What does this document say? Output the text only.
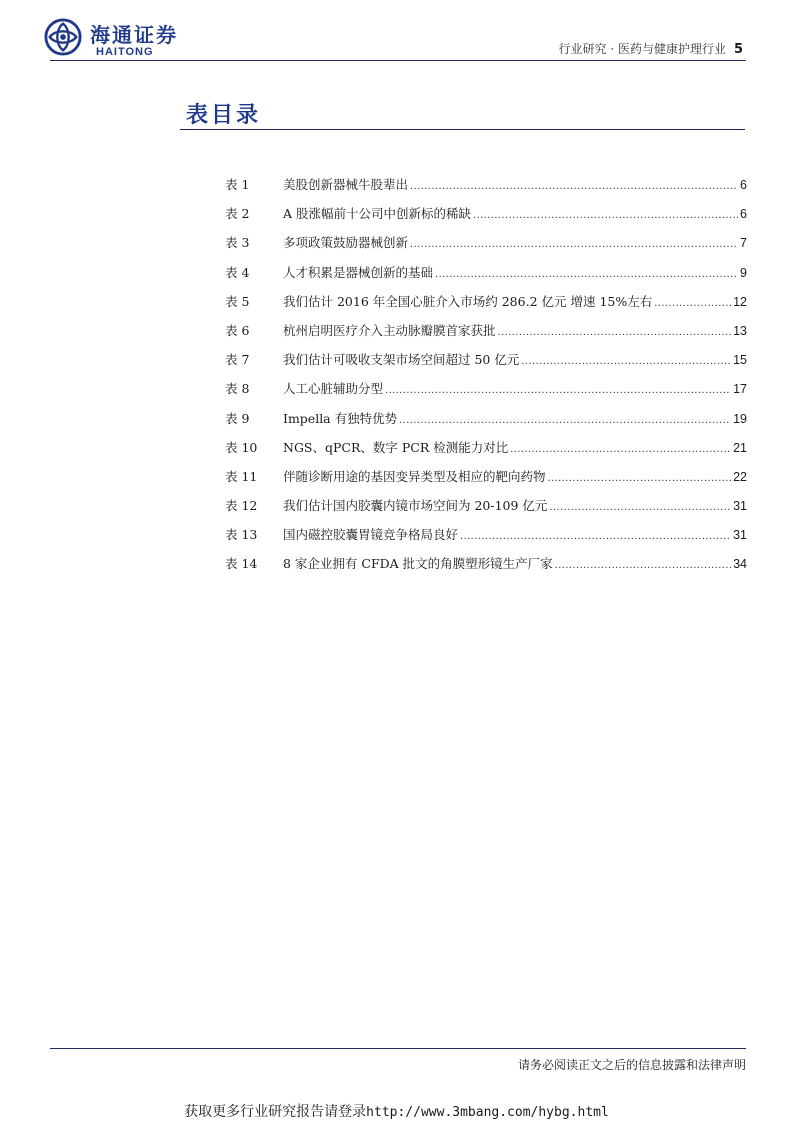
海通证券
HAITONG	行业研究 · 医药与健康护理行业 5
表目录
表 1	美股创新器械牛股辈出 .....	6
表 2	A 股涨幅前十公司中创新标的稀缺 .....	6
表 3	多项政策鼓励器械创新 .....	7
表 4	人才积累是器械创新的基础 .....	9
表 5	我们估计 2016 年全国心脏介入市场约 286.2 亿元 增速 15%左右 .....	12
表 6	杭州启明医疗介入主动脉瓣膜首家获批 .....	13
表 7	我们估计可吸收支架市场空间超过 50 亿元 .....	15
表 8	人工心脏辅助分型 .....	17
表 9	Impella 有独特优势 .....	19
表 10	NGS、qPCR、数字 PCR 检测能力对比 .....	21
表 11	伴随诊断用途的基因变异类型及相应的靶向药物 .....	22
表 12	我们估计国内胶囊内镜市场空间为 20-109 亿元 .....	31
表 13	国内磁控胶囊胃镜竞争格局良好 .....	31
表 14	8 家企业拥有 CFDA 批文的角膜塑形镜生产厂家 .....	34
请务必阅读正文之后的信息披露和法律声明
获取更多行业研究报告请登录http://www.3mbang.com/hybg.html
